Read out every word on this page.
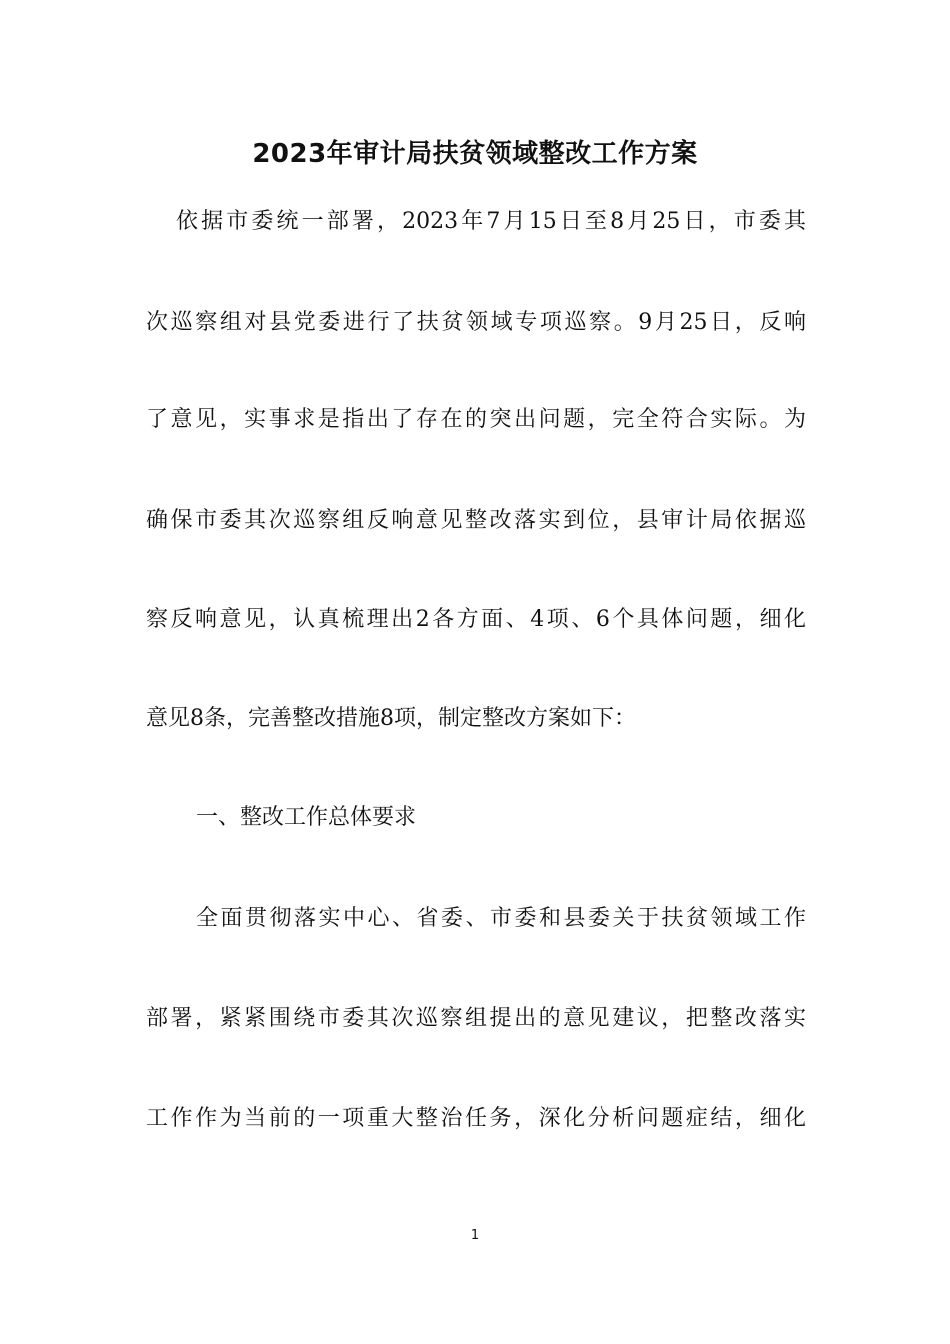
2023年审计局扶贫领域整改工作方案
依据市委统一部署，2023年7月15日至8月25日，市委其
次巡察组对县党委进行了扶贫领域专项巡察。9月25日，反响
了意见，实事求是指出了存在的突出问题，完全符合实际。为
确保市委其次巡察组反响意见整改落实到位，县审计局依据巡
察反响意见，认真梳理出2各方面、4项、6个具体问题，细化
意见8条，完善整改措施8项，制定整改方案如下：
一、整改工作总体要求
全面贯彻落实中心、省委、市委和县委关于扶贫领域工作
部署，紧紧围绕市委其次巡察组提出的意见建议，把整改落实
工作作为当前的一项重大整治任务，深化分析问题症结，细化
1
